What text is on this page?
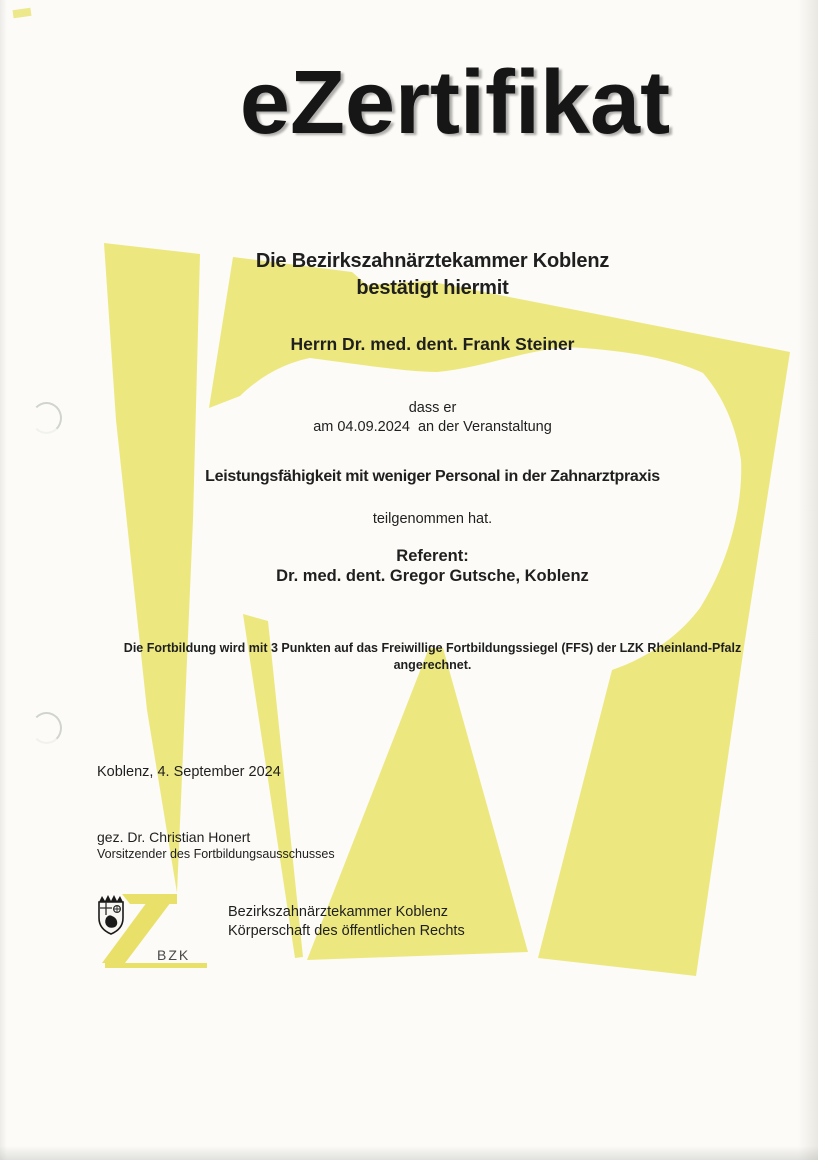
eZertifikat
Die Bezirkszahnärztekammer Koblenz
bestätigt hiermit
Herrn Dr. med. dent. Frank Steiner
dass er
am 04.09.2024  an der Veranstaltung
Leistungsfähigkeit mit weniger Personal in der Zahnarztpraxis
teilgenommen hat.
Referent:
Dr. med. dent. Gregor Gutsche, Koblenz
Die Fortbildung wird mit 3 Punkten auf das Freiwillige Fortbildungssiegel (FFS) der LZK Rheinland-Pfalz
angerechnet.
Koblenz, 4. September 2024
gez. Dr. Christian Honert
Vorsitzender des Fortbildungsausschusses
BZK
Bezirkszahnärztekammer Koblenz
Körperschaft des öffentlichen Rechts
